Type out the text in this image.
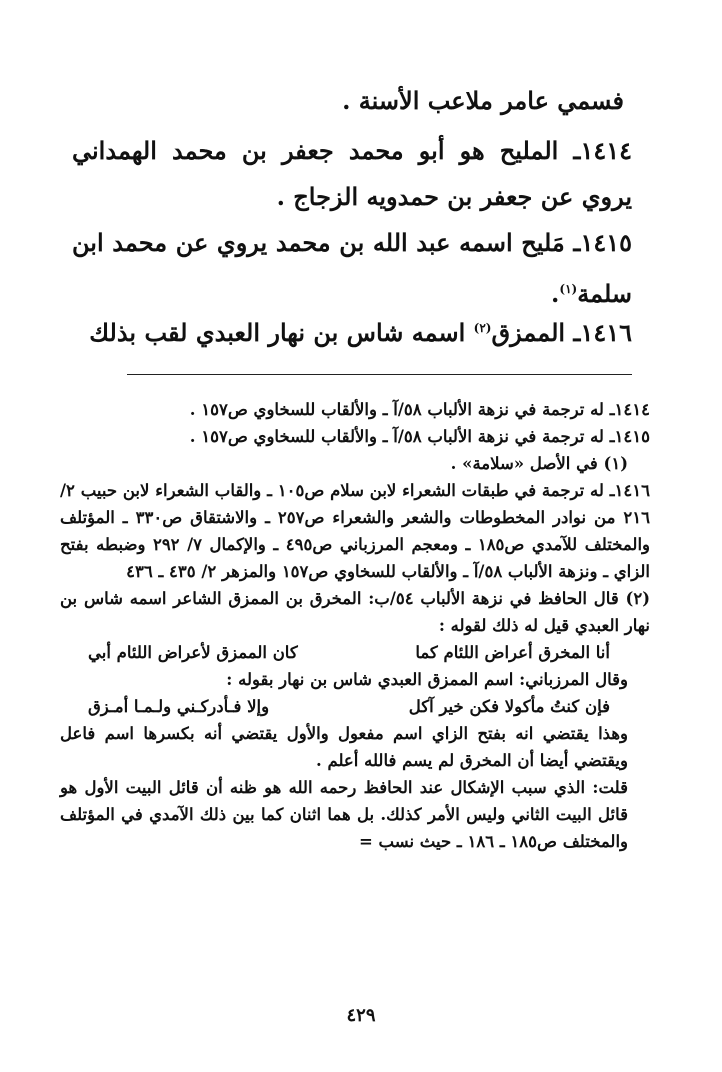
فسمي عامر ملاعب الأسنة .
١٤١٤ـ المليح هو أبو محمد جعفر بن محمد الهمداني يروي عن جعفر بن حمدويه الزجاج .
١٤١٥ـ مَليح اسمه عبد الله بن محمد يروي عن محمد ابن سلمة$^{(١)}$.
١٤١٦ـ الممزق$^{(٢)}$ اسمه شاس بن نهار العبدي لقب بذلك
١٤١٤ـ له ترجمة في نزهة الألباب ٥٨/آ ـ والألقاب للسخاوي ص١٥٧ .
١٤١٥ـ له ترجمة في نزهة الألباب ٥٨/آ ـ والألقاب للسخاوي ص١٥٧ .
(١) في الأصل «سلامة» .
١٤١٦ـ له ترجمة في طبقات الشعراء لابن سلام ص١٠٥ ـ والقاب الشعراء لابن حبيب ٢/ ٢١٦ من نوادر المخطوطات والشعر والشعراء ص٢٥٧ ـ والاشتقاق ص٣٣٠ ـ المؤتلف والمختلف للآمدي ص١٨٥ ـ ومعجم المرزباني ص٤٩٥ ـ والإكمال ٧/ ٢٩٢ وضبطه بفتح الزاي ـ ونزهة الألباب ٥٨/آ ـ والألقاب للسخاوي ص١٥٧ والمزهر ٢/ ٤٣٥ ـ ٤٣٦
(٢) قال الحافظ في نزهة الألباب ٥٤/ب: المخرق بن الممزق الشاعر اسمه شاس بن نهار العبدي قيل له ذلك لقوله :
أنا المخرق أعراض اللئام كما
كان الممزق لأعراض اللئام أبي
وقال المرزباني: اسم الممزق العبدي شاس بن نهار بقوله :
فإن كنتُ مأكولا فكن خير آكل
وإلا فـأدركـني ولـمـا أمـزق
وهذا يقتضي انه بفتح الزاي اسم مفعول والأول يقتضي أنه بكسرها اسم فاعل ويقتضي أيضا أن المخرق لم يسم فالله أعلم .
قلت: الذي سبب الإشكال عند الحافظ رحمه الله هو ظنه أن قائل البيت الأول هو قائل البيت الثاني وليس الأمر كذلك. بل هما اثنان كما بين ذلك الآمدي في المؤتلف والمختلف ص١٨٥ ـ ١٨٦ ـ حيث نسب =
٤٢٩
